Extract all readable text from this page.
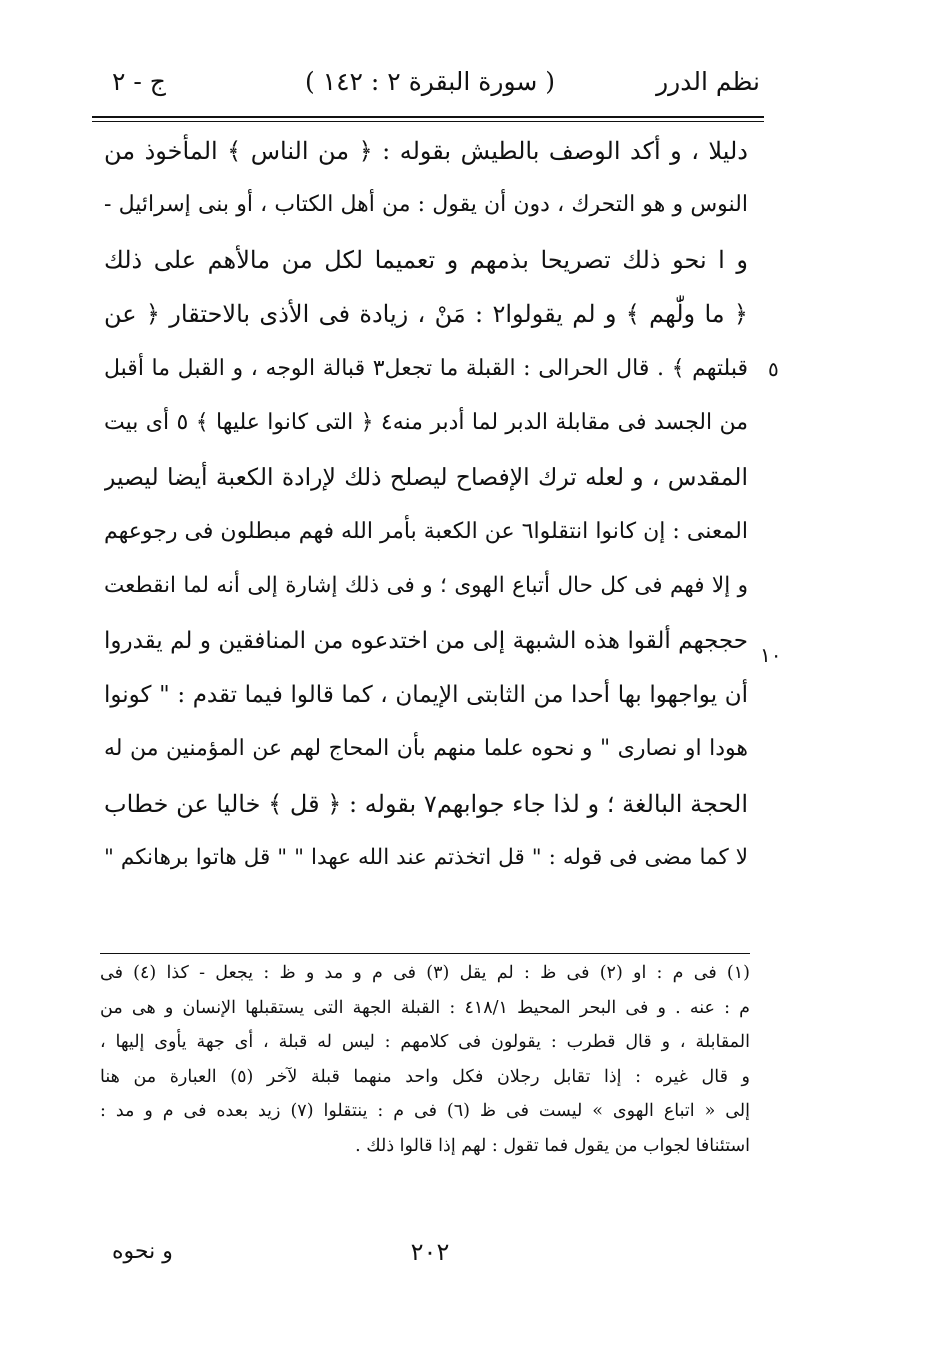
نظم الدرر
( سورة البقرة ٢ : ١٤٢ )
ج - ٢
دليلا ، و أكد الوصف بالطيش بقوله : ﴿ من الناس ﴾ المأخوذ من
النوس و هو التحرك ، دون أن يقول : من أهل الكتاب ، أو بنى إسرائيل -
و ا نحو ذلك تصريحا بذمهم و تعميما لكل من مالأهم على ذلك
﴿ ما ولّٰهم ﴾ و لم يقولوا٢ : مَنْ ، زيادة فى الأذى بالاحتقار ﴿ عن
قبلتهم ﴾ . قال الحرالى : القبلة ما تجعل٣ قبالة الوجه ، و القبل ما أقبل
من الجسد فى مقابلة الدبر لما أدبر منه٤ ﴿ التى كانوا عليها ﴾ ٥ أى بيت
المقدس ، و لعله ترك الإفصاح ليصلح ذلك لإرادة الكعبة أيضا ليصير
المعنى : إن كانوا انتقلوا٦ عن الكعبة بأمر الله فهم مبطلون فى رجوعهم
و إلا فهم فى كل حال أتباع الهوى ؛ و فى ذلك إشارة إلى أنه لما انقطعت
حججهم ألقوا هذه الشبهة إلى من اختدعوه من المنافقين و لم يقدروا
أن يواجهوا بها أحدا من الثابتى الإيمان ، كما قالوا فيما تقدم : " كونوا
هودا او نصارى " و نحوه علما منهم بأن المحاج لهم عن المؤمنين من له
الحجة البالغة ؛ و لذا جاء جوابهم٧ بقوله : ﴿ قل ﴾ خاليا عن خطاب
لا كما مضى فى قوله : " قل اتخذتم عند الله عهدا " " قل هاتوا برهانكم "
٥
١٠
(١) فى م : او (٢) فى ظ : لم يقل (٣) فى م و مد و ظ : يجعل - كذا (٤) فى
م : عنه . و فى البحر المحيط ٤١٨/١ : القبلة الجهة التى يستقبلها الإنسان و هى من
المقابلة ، و قال قطرب : يقولون فى كلامهم : ليس له قبلة ، أى جهة يأوى إليها ،
و قال غيره : إذا تقابل رجلان فكل واحد منهما قبلة لآخر (٥) العبارة من هنا
إلى « اتباع الهوى » ليست فى ظ (٦) فى م : ينتقلوا (٧) زيد بعده فى م و مد :
استئنافا لجواب من يقول فما تقول : لهم إذا قالوا ذلك .
٢٠٢
و نحوه
